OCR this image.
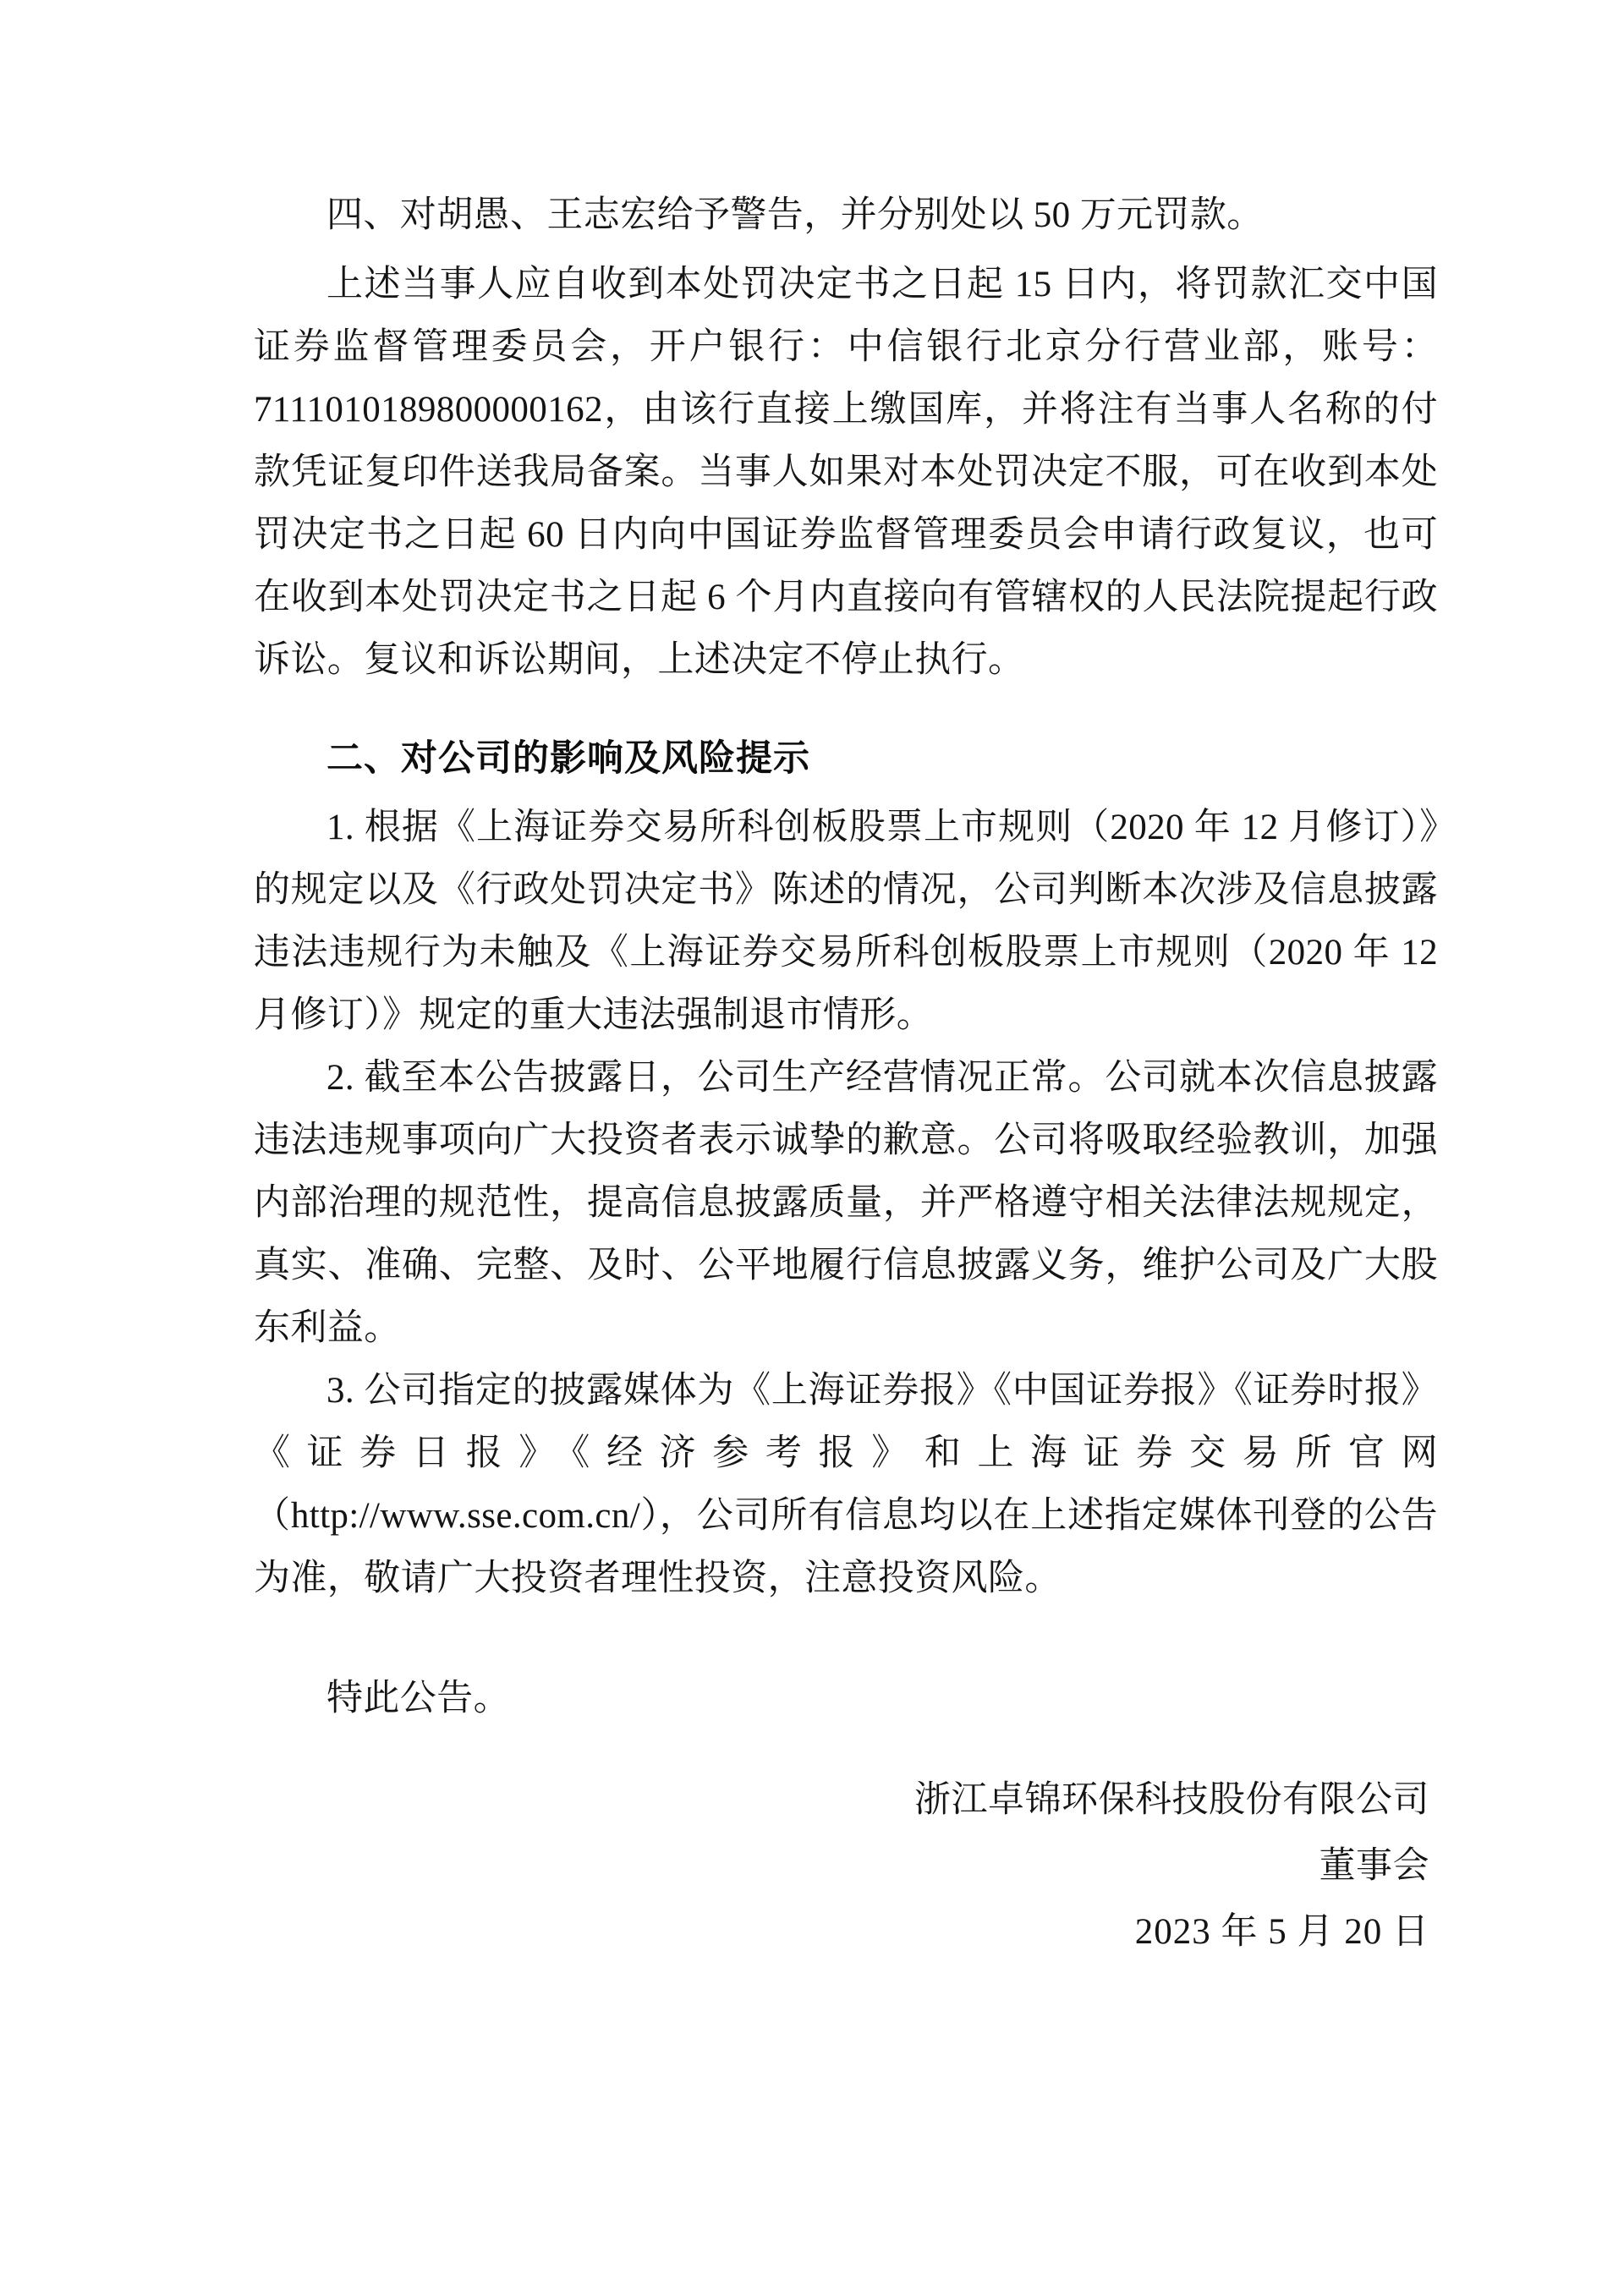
四、对胡愚、王志宏给予警告，并分别处以 50 万元罚款。

上述当事人应自收到本处罚决定书之日起 15 日内，将罚款汇交中国证券监督管理委员会，开户银行：中信银行北京分行营业部，账号：7111010189800000162，由该行直接上缴国库，并将注有当事人名称的付款凭证复印件送我局备案。当事人如果对本处罚决定不服，可在收到本处罚决定书之日起 60 日内向中国证券监督管理委员会申请行政复议，也可在收到本处罚决定书之日起 6 个月内直接向有管辖权的人民法院提起行政诉讼。复议和诉讼期间，上述决定不停止执行。

二、对公司的影响及风险提示

1. 根据《上海证券交易所科创板股票上市规则（2020 年 12 月修订）》的规定以及《行政处罚决定书》陈述的情况，公司判断本次涉及信息披露违法违规行为未触及《上海证券交易所科创板股票上市规则（2020 年 12 月修订）》规定的重大违法强制退市情形。

2. 截至本公告披露日，公司生产经营情况正常。公司就本次信息披露违法违规事项向广大投资者表示诚挚的歉意。公司将吸取经验教训，加强内部治理的规范性，提高信息披露质量，并严格遵守相关法律法规规定，真实、准确、完整、及时、公平地履行信息披露义务，维护公司及广大股东利益。

3. 公司指定的披露媒体为《上海证券报》《中国证券报》《证券时报》《证券日报》《经济参考报》和上海证券交易所官网（http://www.sse.com.cn/），公司所有信息均以在上述指定媒体刊登的公告为准，敬请广大投资者理性投资，注意投资风险。

特此公告。

浙江卓锦环保科技股份有限公司
董事会
2023 年 5 月 20 日
